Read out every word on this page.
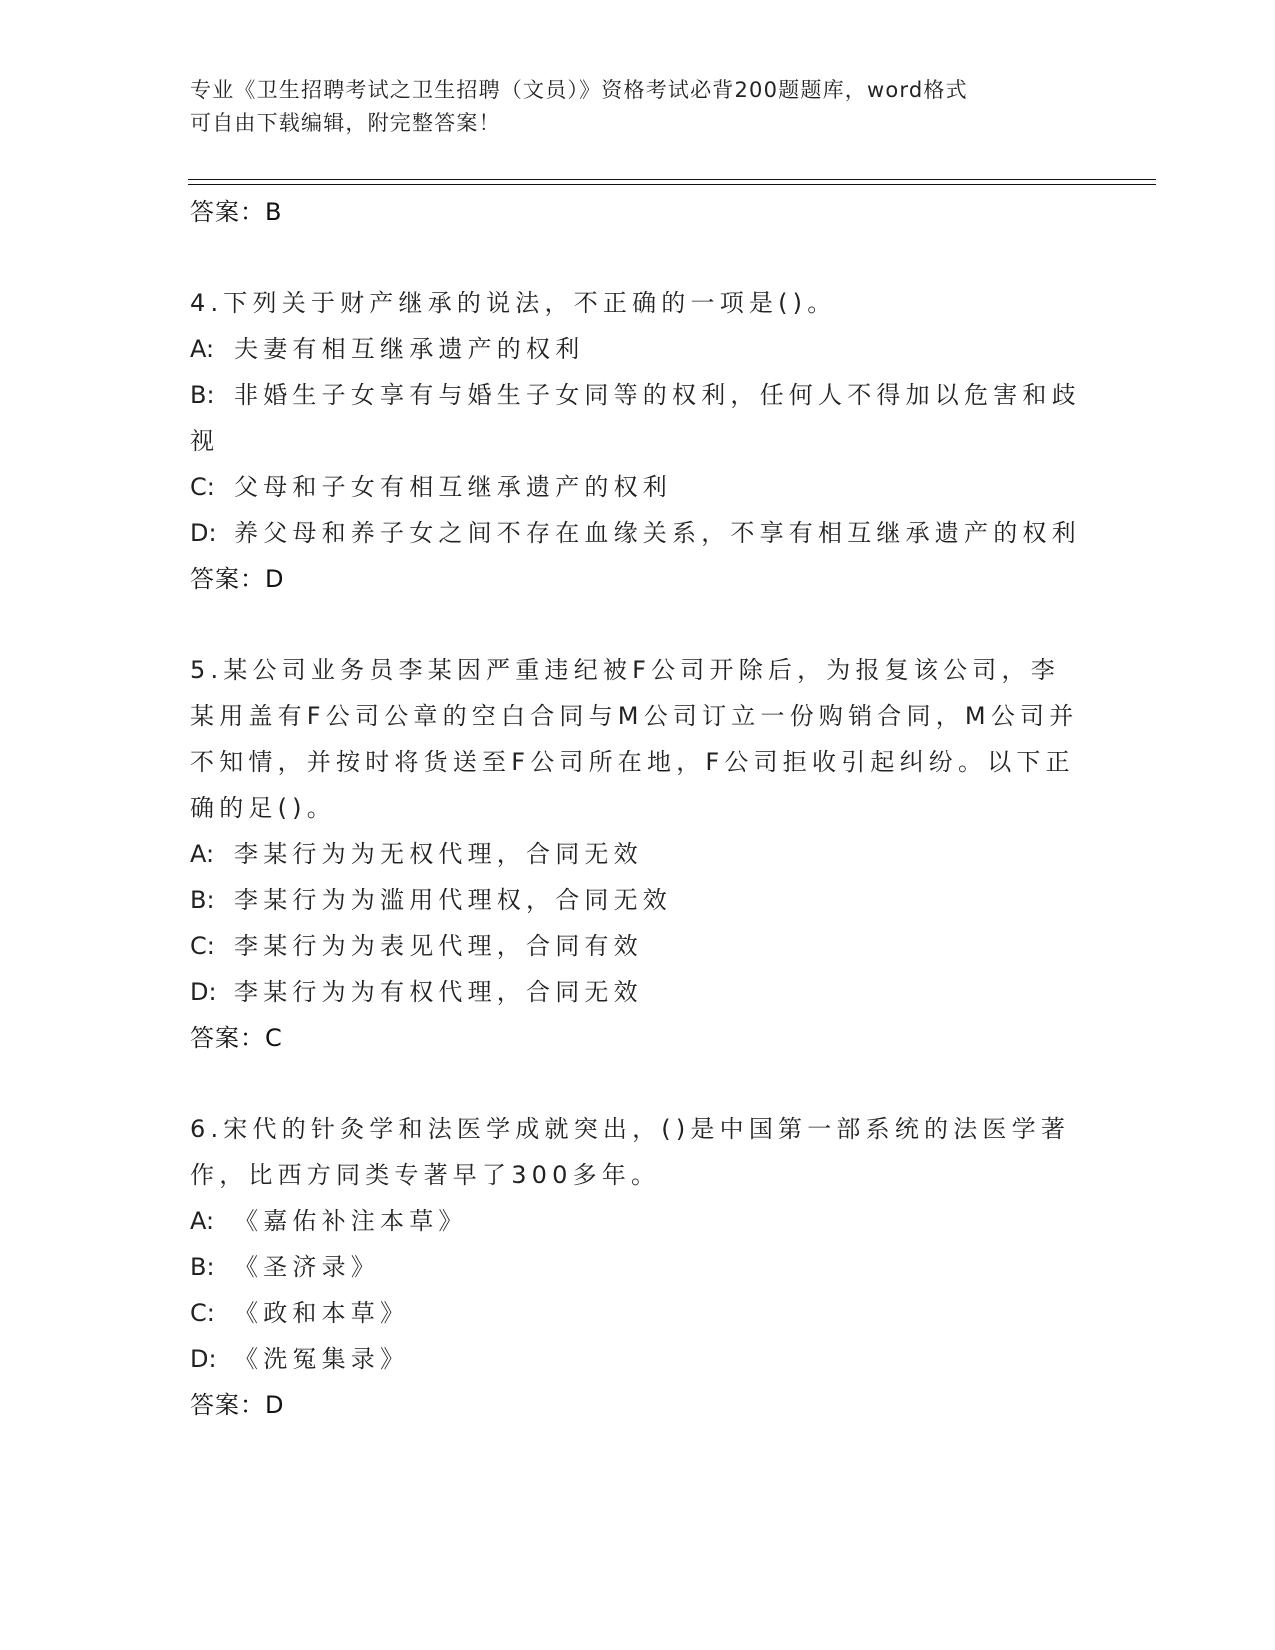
专业《卫生招聘考试之卫生招聘（文员）》资格考试必背200题题库，word格式
可自由下载编辑，附完整答案！
答案：B
4.下列关于财产继承的说法，不正确的一项是()。
A: 夫妻有相互继承遗产的权利
B: 非婚生子女享有与婚生子女同等的权利，任何人不得加以危害和歧
视
C: 父母和子女有相互继承遗产的权利
D: 养父母和养子女之间不存在血缘关系，不享有相互继承遗产的权利
答案：D
5.某公司业务员李某因严重违纪被F公司开除后，为报复该公司，李
某用盖有F公司公章的空白合同与M公司订立一份购销合同，M公司并
不知情，并按时将货送至F公司所在地，F公司拒收引起纠纷。以下正
确的足()。
A: 李某行为为无权代理，合同无效
B: 李某行为为滥用代理权，合同无效
C: 李某行为为表见代理，合同有效
D: 李某行为为有权代理，合同无效
答案：C
6.宋代的针灸学和法医学成就突出，()是中国第一部系统的法医学著
作，比西方同类专著早了300多年。
A: 《嘉佑补注本草》
B: 《圣济录》
C: 《政和本草》
D: 《洗冤集录》
答案：D
